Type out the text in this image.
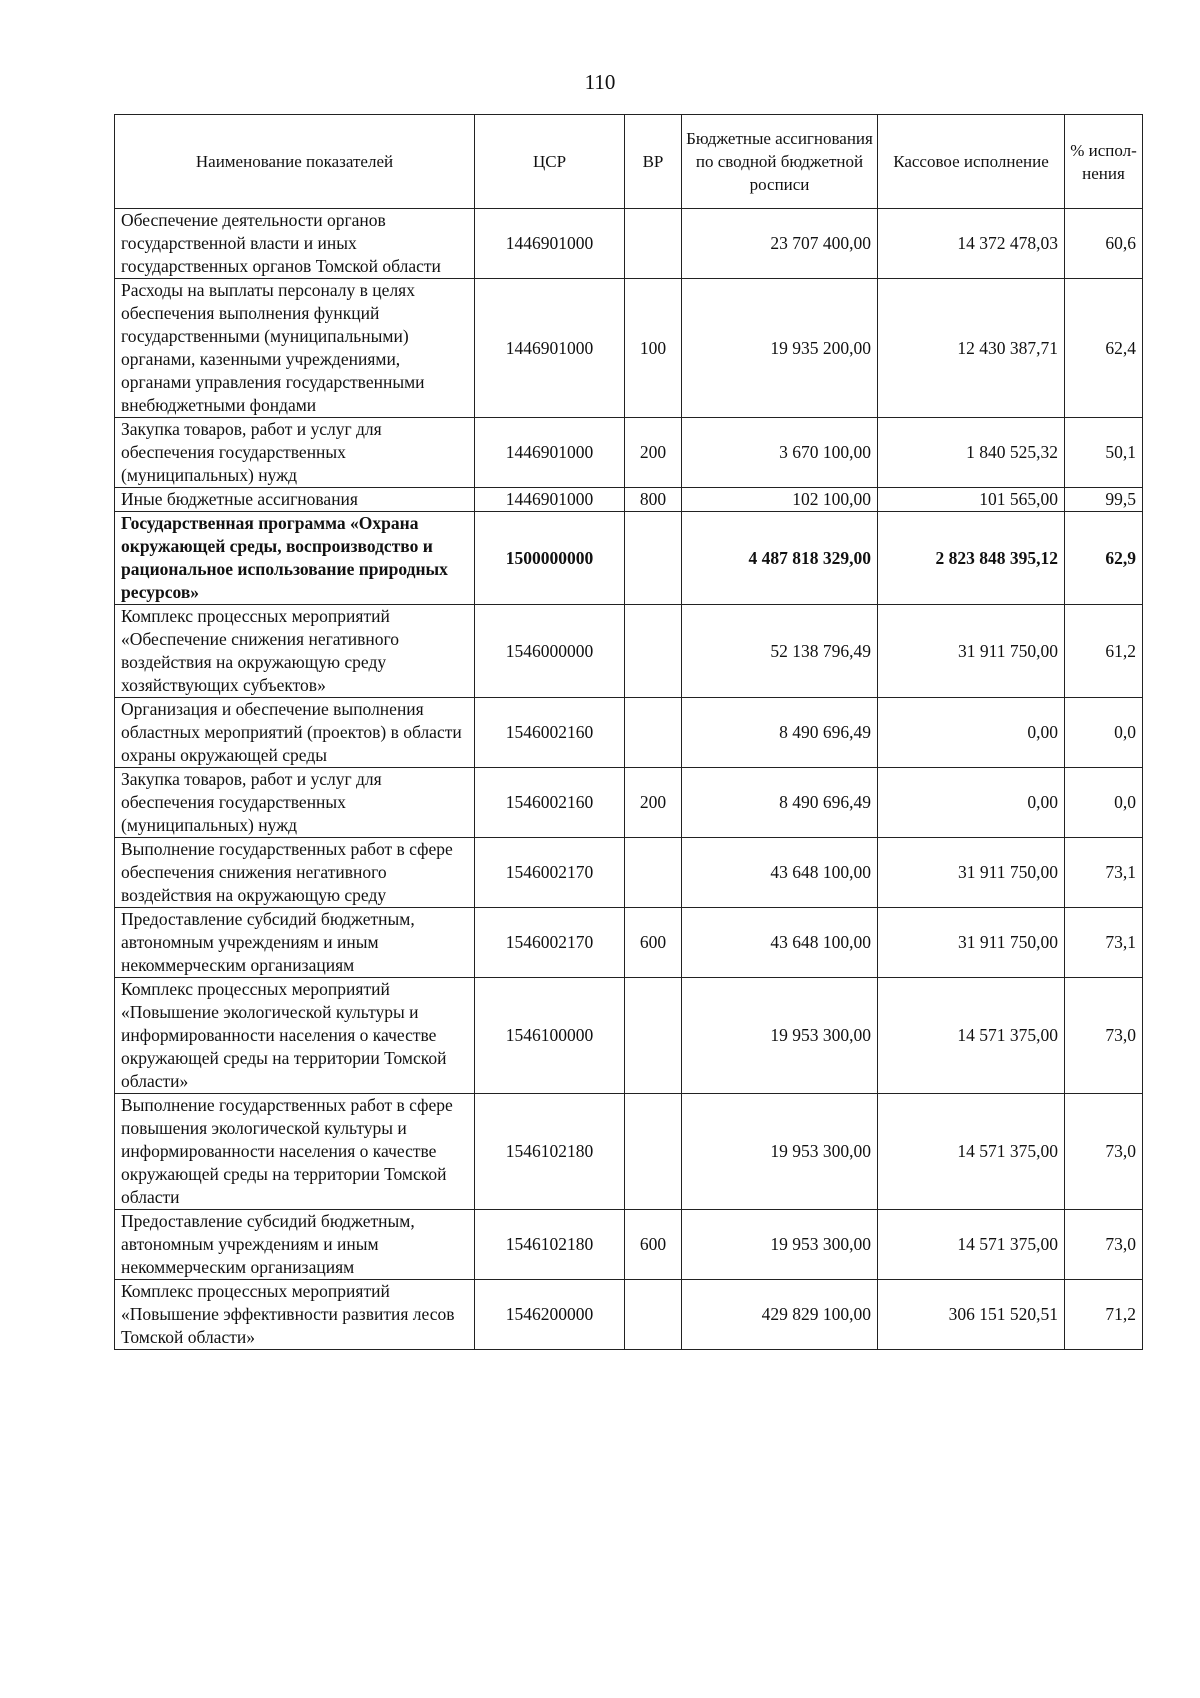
110
Наименование показателей	ЦСР	ВР	Бюджетные ассигнования по сводной бюджетной росписи	Кассовое исполнение	% испол-нения
Обеспечение деятельности органов государственной власти и иных государственных органов Томской области	1446901000		23 707 400,00	14 372 478,03	60,6
Расходы на выплаты персоналу в целях обеспечения выполнения функций государственными (муниципальными) органами, казенными учреждениями, органами управления государственными внебюджетными фондами	1446901000	100	19 935 200,00	12 430 387,71	62,4
Закупка товаров, работ и услуг для обеспечения государственных (муниципальных) нужд	1446901000	200	3 670 100,00	1 840 525,32	50,1
Иные бюджетные ассигнования	1446901000	800	102 100,00	101 565,00	99,5
Государственная программа «Охрана окружающей среды, воспроизводство и рациональное использование природных ресурсов»	1500000000		4 487 818 329,00	2 823 848 395,12	62,9
Комплекс процессных мероприятий «Обеспечение снижения негативного воздействия на окружающую среду хозяйствующих субъектов»	1546000000		52 138 796,49	31 911 750,00	61,2
Организация и обеспечение выполнения областных мероприятий (проектов) в области охраны окружающей среды	1546002160		8 490 696,49	0,00	0,0
Закупка товаров, работ и услуг для обеспечения государственных (муниципальных) нужд	1546002160	200	8 490 696,49	0,00	0,0
Выполнение государственных работ в сфере обеспечения снижения негативного воздействия на окружающую среду	1546002170		43 648 100,00	31 911 750,00	73,1
Предоставление субсидий бюджетным, автономным учреждениям и иным некоммерческим организациям	1546002170	600	43 648 100,00	31 911 750,00	73,1
Комплекс процессных мероприятий «Повышение экологической культуры и информированности населения о качестве окружающей среды на территории Томской области»	1546100000		19 953 300,00	14 571 375,00	73,0
Выполнение государственных работ в сфере повышения экологической культуры и информированности населения о качестве окружающей среды на территории Томской области	1546102180		19 953 300,00	14 571 375,00	73,0
Предоставление субсидий бюджетным, автономным учреждениям и иным некоммерческим организациям	1546102180	600	19 953 300,00	14 571 375,00	73,0
Комплекс процессных мероприятий «Повышение эффективности развития лесов Томской области»	1546200000		429 829 100,00	306 151 520,51	71,2
